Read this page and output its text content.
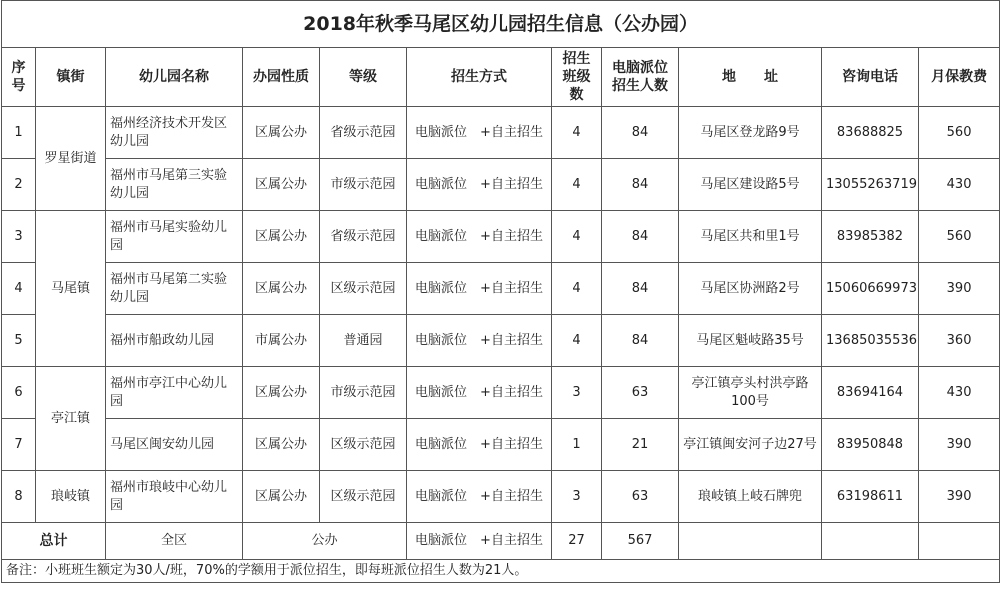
2018年秋季马尾区幼儿园招生信息（公办园）										
序号	镇街	幼儿园名称	办园性质	等级	招生方式	招生班级数	电脑派位招生人数	地　　址	咨询电话	月保教费
1	罗星街道	福州经济技术开发区幼儿园	区属公办	省级示范园	电脑派位　+自主招生	4	84	马尾区登龙路9号	83688825	560
2		福州市马尾第三实验幼儿园	区属公办	市级示范园	电脑派位　+自主招生	4	84	马尾区建设路5号	13055263719	430
3	马尾镇	福州市马尾实验幼儿园	区属公办	省级示范园	电脑派位　+自主招生	4	84	马尾区共和里1号	83985382	560
4		福州市马尾第二实验幼儿园	区属公办	区级示范园	电脑派位　+自主招生	4	84	马尾区协洲路2号	15060669973	390
5		福州市船政幼儿园	市属公办	普通园	电脑派位　+自主招生	4	84	马尾区魁岐路35号	13685035536	360
6	亭江镇	福州市亭江中心幼儿园	区属公办	市级示范园	电脑派位　+自主招生	3	63	亭江镇亭头村洪亭路100号	83694164	430
7		马尾区闽安幼儿园	区属公办	区级示范园	电脑派位　+自主招生	1	21	亭江镇闽安河子边27号	83950848	390
8	琅岐镇	福州市琅岐中心幼儿园	区属公办	区级示范园	电脑派位　+自主招生	3	63	琅岐镇上岐石牌兜	63198611	390
总计		全区	公办		电脑派位　+自主招生	27	567			
备注：小班班生额定为30人/班，70%的学额用于派位招生，即每班派位招生人数为21人。										
